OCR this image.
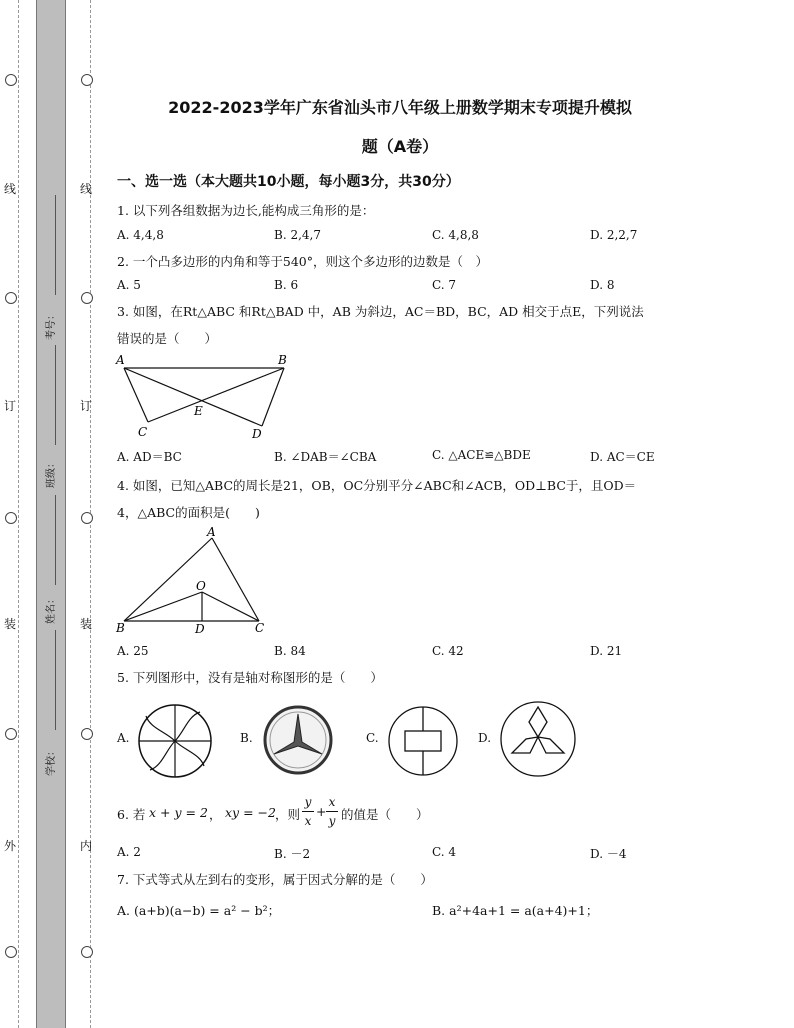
线
订
装
外
线
订
装
内
考号：
班级：
姓名：
学校：
2022-2023学年广东省汕头市八年级上册数学期末专项提升模拟
题（A卷）
一、选一选（本大题共10小题，每小题3分，共30分）
1. 以下列各组数据为边长,能构成三角形的是：
A. 4,4,8	B. 2,4,7	C. 4,8,8	D. 2,2,7
2. 一个凸多边形的内角和等于540°，则这个多边形的边数是（　）
A. 5	B. 6	C. 7	D. 8
3. 如图，在Rt△ABC 和Rt△BAD 中，AB 为斜边，AC＝BD，BC，AD 相交于点E，下列说法
错误的是（　　）
A	B
C	D
E
A. AD＝BC	B. ∠DAB＝∠CBA	C. △ACE≌△BDE	D. AC＝CE
4. 如图，已知△ABC的周长是21，OB，OC分别平分∠ABC和∠ACB，OD⊥BC于，且OD＝
4，△ABC的面积是(　　)
A
B	C
D
O
A. 25	B. 84	C. 42	D. 21
5. 下列图形中，没有是轴对称图形的是（　　）
A.	B.	C.	D.
6. 若 x + y = 2 ， xy = −2 ，则
y
x
+
x
y 的值是（　　）
A. 2	B. －2	C. 4	D. －4
7. 下式等式从左到右的变形，属于因式分解的是（　　）
A. (a+b)(a−b) = a² − b²；	B. a²+4a+1 = a(a+4)+1；
